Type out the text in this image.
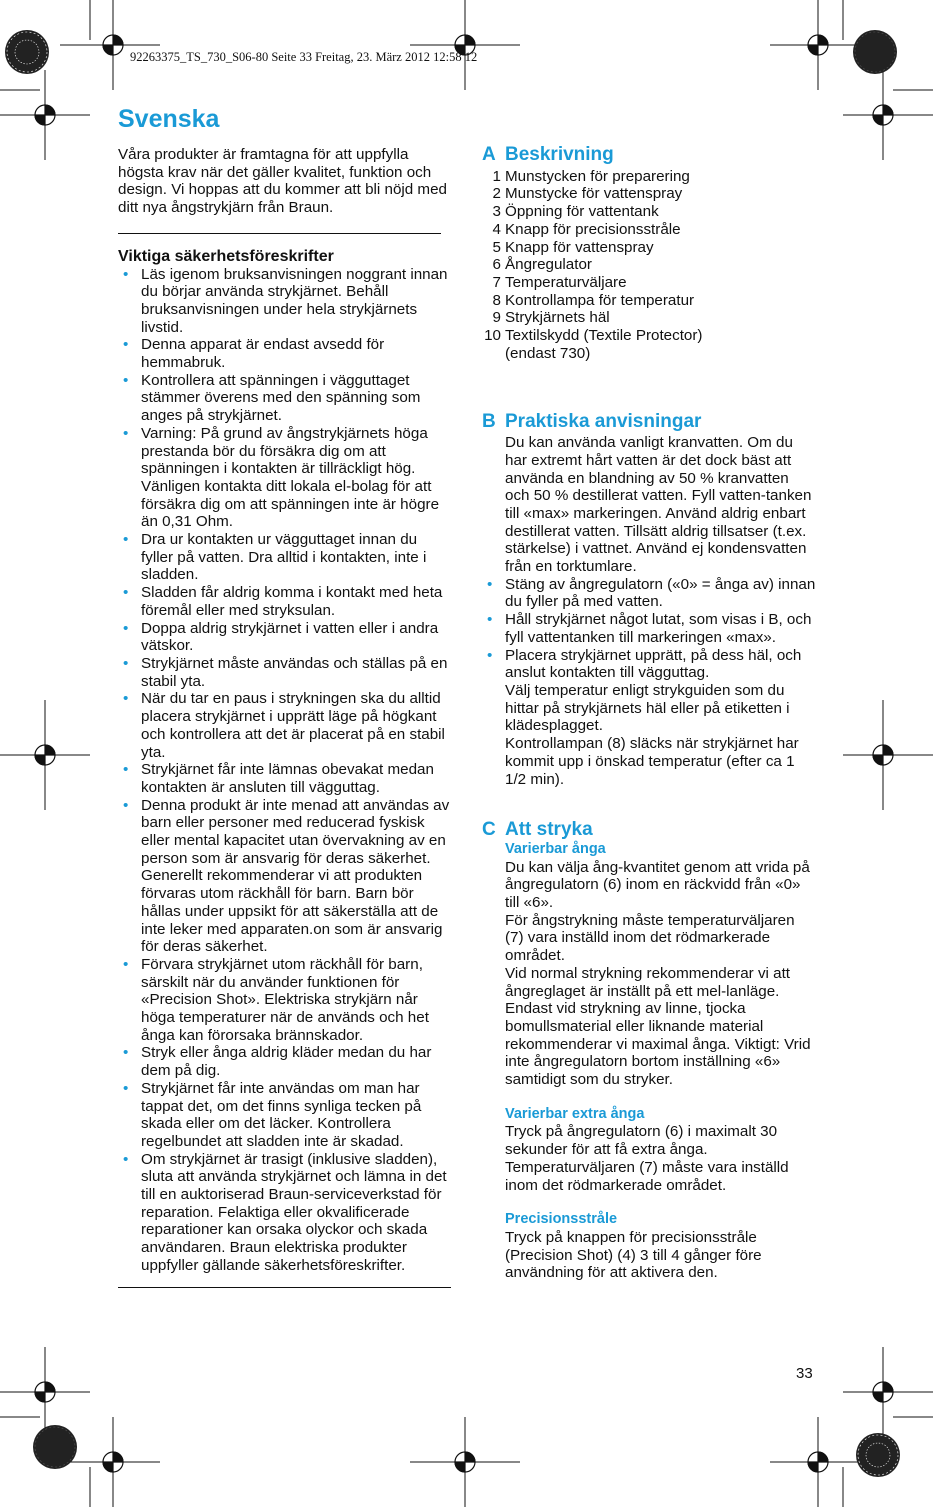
92263375_TS_730_S06-80 Seite 33 Freitag, 23. März 2012 12:58 12
Svenska

Våra produkter är framtagna för att uppfylla högsta krav när det gäller kvalitet, funktion och design. Vi hoppas att du kommer att bli nöjd med ditt nya ångstrykjärn från Braun.

Viktiga säkerhetsföreskrifter

• Läs igenom bruksanvisningen noggrant innan du börjar använda strykjärnet. Behåll bruksanvisningen under hela strykjärnets livstid.
• Denna apparat är endast avsedd för hemmabruk.
• Kontrollera att spänningen i vägguttaget stämmer överens med den spänning som anges på strykjärnet.
• Varning: På grund av ångstrykjärnets höga prestanda bör du försäkra dig om att spänningen i kontakten är tillräckligt hög. Vänligen kontakta ditt lokala el-bolag för att försäkra dig om att spänningen inte är högre än 0,31 Ohm.
• Dra ur kontakten ur vägguttaget innan du fyller på vatten. Dra alltid i kontakten, inte i sladden.
• Sladden får aldrig komma i kontakt med heta föremål eller med stryksulan.
• Doppa aldrig strykjärnet i vatten eller i andra vätskor.
• Strykjärnet måste användas och ställas på en stabil yta.
• När du tar en paus i strykningen ska du alltid placera strykjärnet i upprätt läge på högkant och kontrollera att det är placerat på en stabil yta.
• Strykjärnet får inte lämnas obevakat medan kontakten är ansluten till vägguttag.
• Denna produkt är inte menad att användas av barn eller personer med reducerad fyskisk eller mental kapacitet utan övervakning av en person som är ansvarig för deras säkerhet. Generellt rekommenderar vi att produkten förvaras utom räckhåll för barn. Barn bör hållas under uppsikt för att säkerställa att de inte leker med apparaten.on som är ansvarig för deras säkerhet.
• Förvara strykjärnet utom räckhåll för barn, särskilt när du använder funktionen för «Precision Shot». Elektriska strykjärn når höga temperaturer när de används och het ånga kan förorsaka brännskador.
• Stryk eller ånga aldrig kläder medan du har dem på dig.
• Strykjärnet får inte användas om man har tappat det, om det finns synliga tecken på skada eller om det läcker. Kontrollera regelbundet att sladden inte är skadad.
• Om strykjärnet är trasigt (inklusive sladden), sluta att använda strykjärnet och lämna in det till en auktoriserad Braun-serviceverkstad för reparation. Felaktiga eller okvalificerade reparationer kan orsaka olyckor och skada användaren. Braun elektriska produkter uppfyller gällande säkerhetsföreskrifter.
A Beskrivning
1 Munstycken för preparering
2 Munstycke för vattenspray
3 Öppning för vattentank
4 Knapp för precisionsstråle
5 Knapp för vattenspray
6 Ångregulator
7 Temperaturväljare
8 Kontrollampa för temperatur
9 Strykjärnets häl
10 Textilskydd (Textile Protector) (endast 730)
B Praktiska anvisningar

Du kan använda vanligt kranvatten. Om du har extremt hårt vatten är det dock bäst att använda en blandning av 50 % kranvatten och 50 % destillerat vatten. Fyll vatten-tanken till «max» markeringen. Använd aldrig enbart destillerat vatten. Tillsätt aldrig tillsatser (t.ex. stärkelse) i vattnet. Använd ej kondensvatten från en torktumlare.

• Stäng av ångregulatorn («0» = ånga av) innan du fyller på med vatten.
• Håll strykjärnet något lutat, som visas i B, och fyll vattentanken till markeringen «max».
• Placera strykjärnet upprätt, på dess häl, och anslut kontakten till vägguttag.

Välj temperatur enligt strykguiden som du hittar på strykjärnets häl eller på etiketten i klädesplagget.

Kontrollampan (8) släcks när strykjärnet har kommit upp i önskad temperatur (efter ca 1 1/2 min).

C Att stryka

Varierbar ånga

Du kan välja ång-kvantitet genom att vrida på ångregulatorn (6) inom en räckvidd från «0» till «6».

För ångstrykning måste temperaturväljaren (7) vara inställd inom det rödmarkerade området.

Vid normal strykning rekommenderar vi att ångreglaget är inställt på ett mel-lanläge. Endast vid strykning av linne, tjocka bomullsmaterial eller liknande material rekommenderar vi maximal ånga. Viktigt: Vrid inte ångregulatorn bortom inställning «6» samtidigt som du stryker.

Varierbar extra ånga

Tryck på ångregulatorn (6) i maximalt 30 sekunder för att få extra ånga. Temperaturväljaren (7) måste vara inställd inom det rödmarkerade området.

Precisionsstråle

Tryck på knappen för precisionsstråle (Precision Shot) (4) 3 till 4 gånger före användning för att aktivera den.

33
